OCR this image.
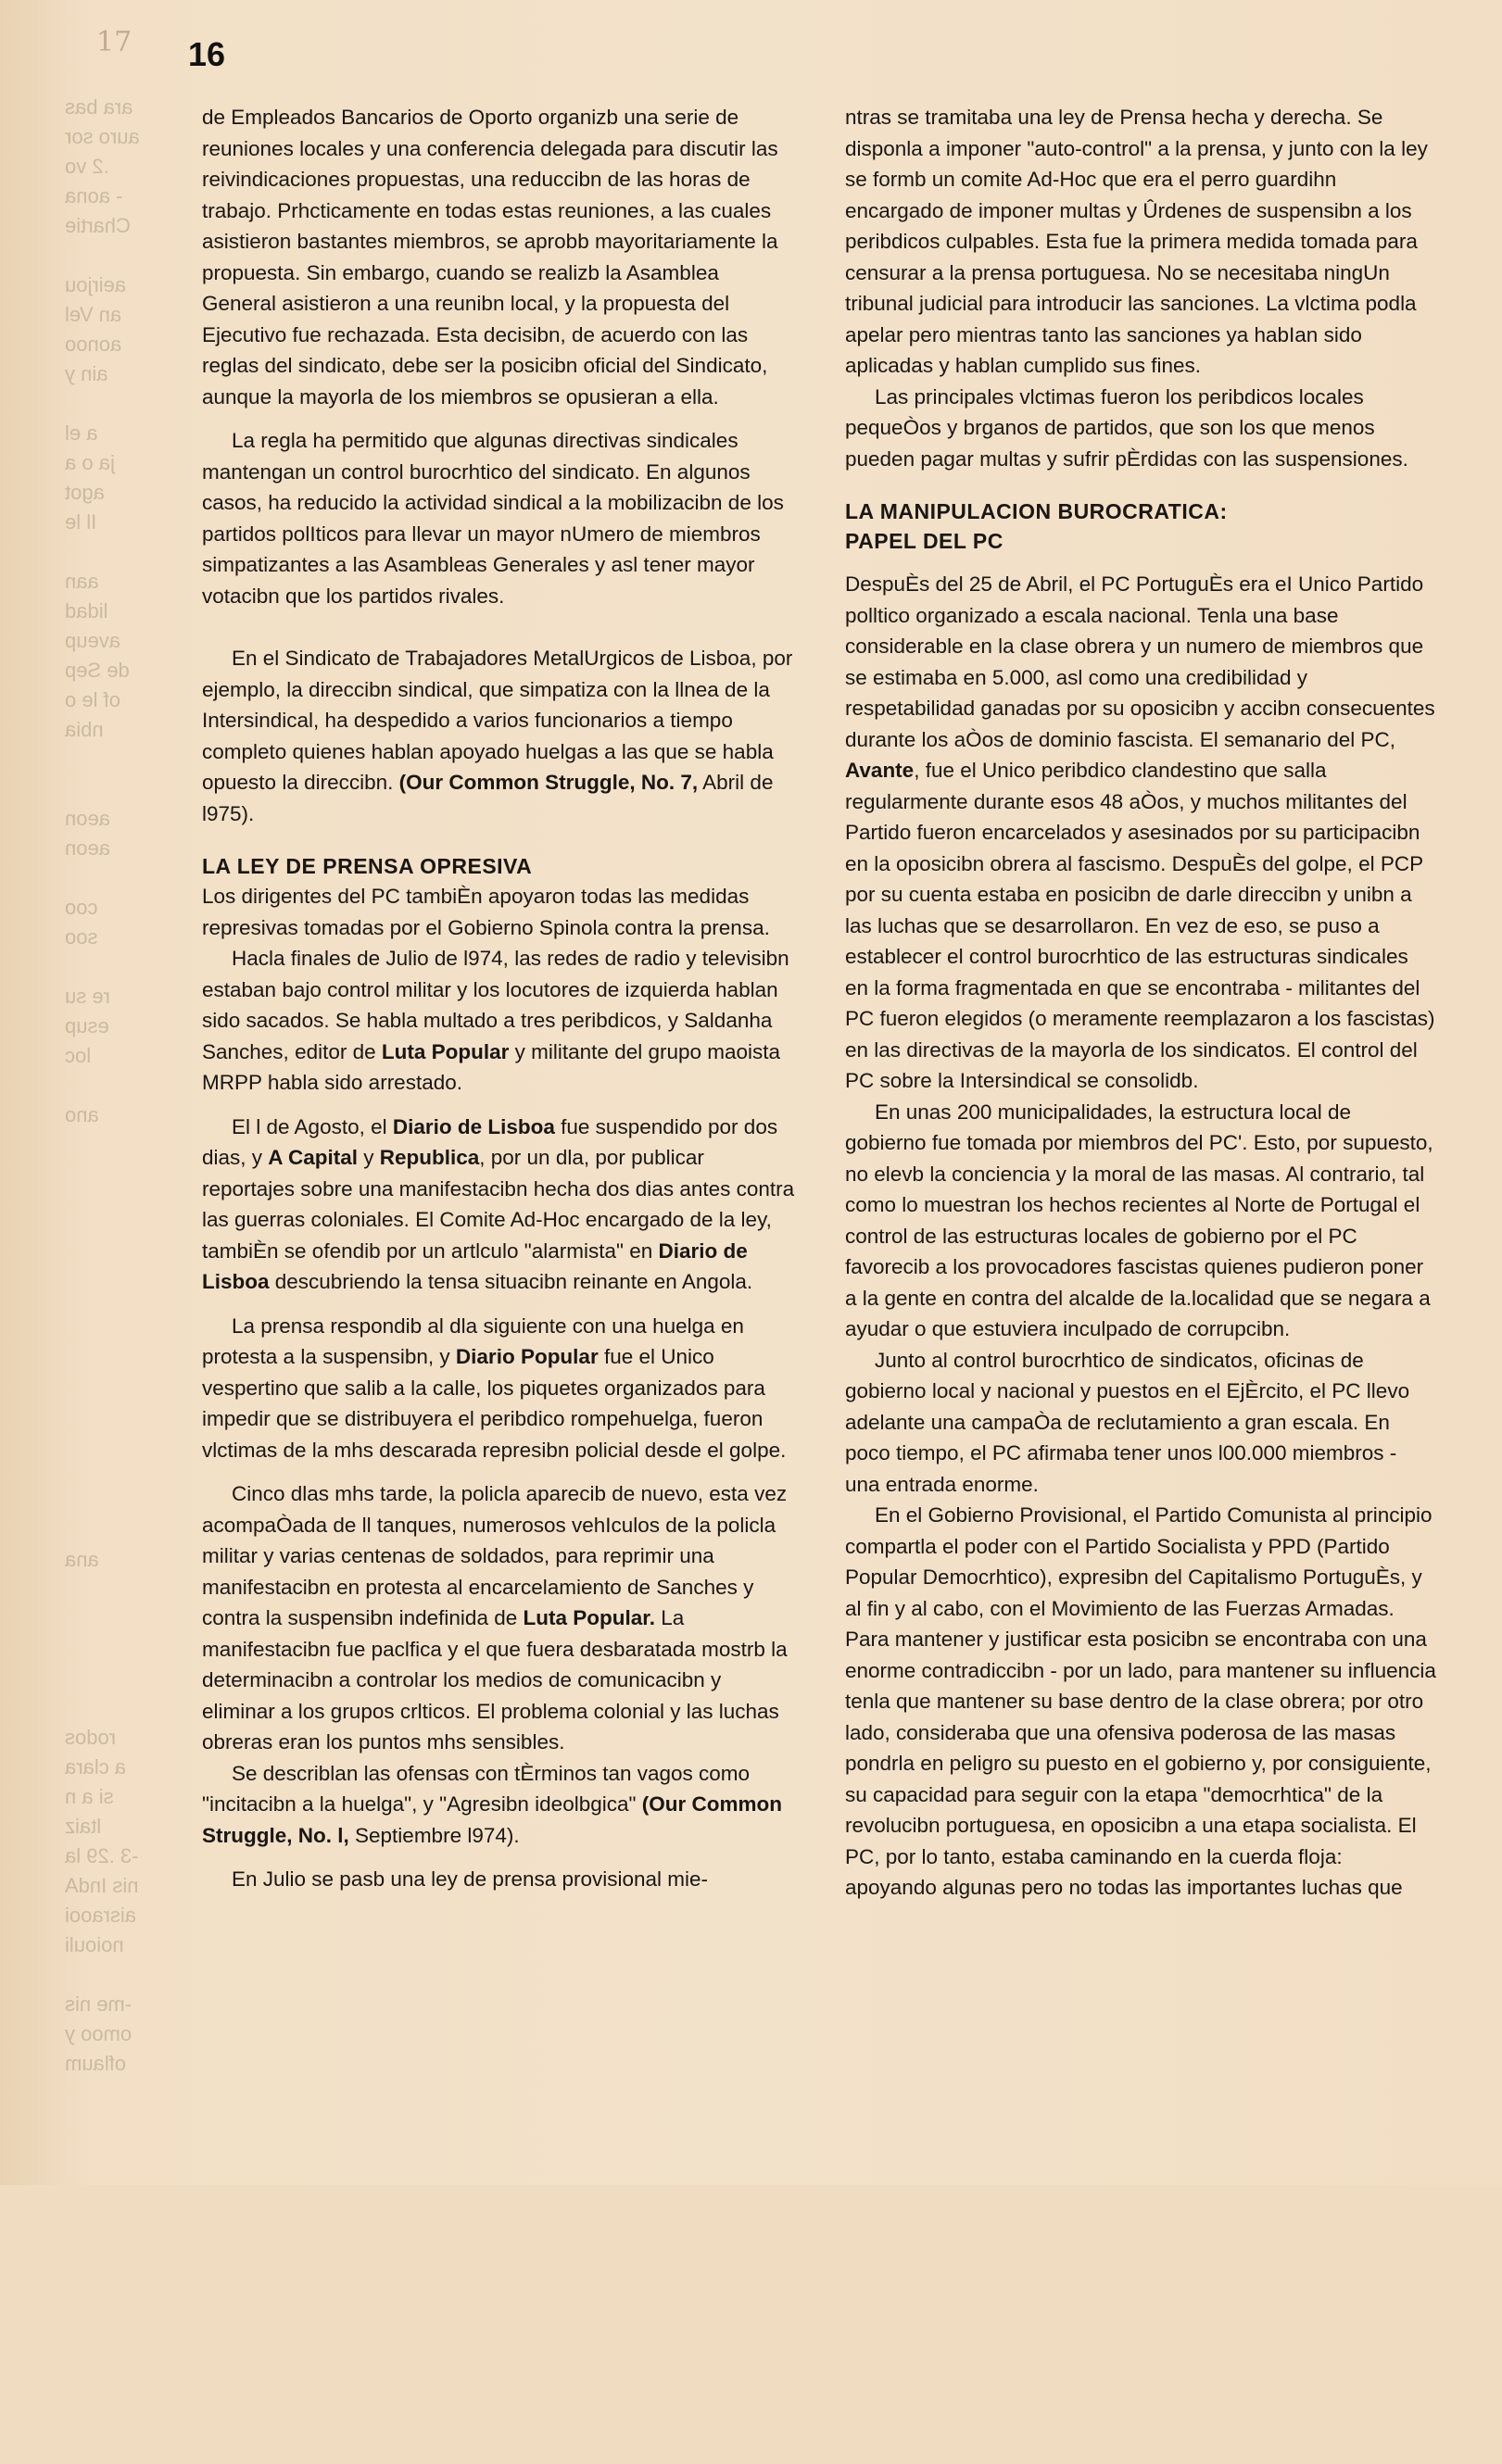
17 16
ara bas
auro sor
.2 vo
- aona
Chartie

aeirjou
an Vel
aonoo
ain y

a el
ja o a
agot
Il le

aan
lidad
aveup
de Sep
of le o
nbia

aeon
aeon

coo
soo

re su
esup
loc

ano

ana

rodos
a clara
si a n
ltaiz
-3 .29 la
nis IndA
aisraooi
noiouli

-me nis
omoo y
oflaum

de Empleados Bancarios de Oporto organizb una serie de reuniones locales y una conferencia delegada para discutir las reivindicaciones propuestas, una reduccibn de las horas de trabajo. Prhcticamente en todas estas reuniones, a las cuales asistieron bastantes miembros, se aprobb mayoritariamente la propuesta. Sin embargo, cuando se realizb la Asamblea General asistieron a una reunibn local, y la propuesta del Ejecutivo fue rechazada. Esta decisibn, de acuerdo con las reglas del sindicato, debe ser la posicibn oficial del Sindicato, aunque la mayorla de los miembros se opusieran a ella.

La regla ha permitido que algunas directivas sindicales mantengan un control burocrhtico del sindicato. En algunos casos, ha reducido la actividad sindical a la mobilizacibn de los partidos polIticos para llevar un mayor nUmero de miembros simpatizantes a las Asambleas Generales y asl tener mayor votacibn que los partidos rivales.

En el Sindicato de Trabajadores MetalUrgicos de Lisboa, por ejemplo, la direccibn sindical, que simpatiza con la llnea de la Intersindical, ha despedido a varios funcionarios a tiempo completo quienes hablan apoyado huelgas a las que se habla opuesto la direccibn. (Our Common Struggle, No. 7, Abril de l975).

LA LEY DE PRENSA OPRESIVA

Los dirigentes del PC tambiÈn apoyaron todas las medidas represivas tomadas por el Gobierno Spinola contra la prensa.

Hacla finales de Julio de l974, las redes de radio y televisibn estaban bajo control militar y los locutores de izquierda hablan sido sacados. Se habla multado a tres peribdicos, y Saldanha Sanches, editor de Luta Popular y militante del grupo maoista MRPP habla sido arrestado.

El l de Agosto, el Diario de Lisboa fue suspendido por dos dias, y A Capital y Republica, por un dla, por publicar reportajes sobre una manifestacibn hecha dos dias antes contra las guerras coloniales. El Comite Ad-Hoc encargado de la ley, tambiÈn se ofendib por un artlculo "alarmista" en Diario de Lisboa descubriendo la tensa situacibn reinante en Angola.

La prensa respondib al dla siguiente con una huelga en protesta a la suspensibn, y Diario Popular fue el Unico vespertino que salib a la calle, los piquetes organizados para impedir que se distribuyera el peribdico rompehuelga, fueron vlctimas de la mhs descarada represibn policial desde el golpe.

Cinco dlas mhs tarde, la policla aparecib de nuevo, esta vez acompaÒada de ll tanques, numerosos vehIculos de la policla militar y varias centenas de soldados, para reprimir una manifestacibn en protesta al encarcelamiento de Sanches y contra la suspensibn indefinida de Luta Popular. La manifestacibn fue paclfica y el que fuera desbaratada mostrb la determinacibn a controlar los medios de comunicacibn y eliminar a los grupos crlticos. El problema colonial y las luchas obreras eran los puntos mhs sensibles.

Se describlan las ofensas con tÈrminos tan vagos como "incitacibn a la huelga", y "Agresibn ideolbgica" (Our Common Struggle, No. l, Septiembre l974).

En Julio se pasb una ley de prensa provisional mie-

ntras se tramitaba una ley de Prensa hecha y derecha. Se disponla a imponer "auto-control" a la prensa, y junto con la ley se formb un comite Ad-Hoc que era el perro guardihn encargado de imponer multas y Ûrdenes de suspensibn a los peribdicos culpables. Esta fue la primera medida tomada para censurar a la prensa portuguesa. No se necesitaba ningUn tribunal judicial para introducir las sanciones. La vlctima podla apelar pero mientras tanto las sanciones ya habIan sido aplicadas y hablan cumplido sus fines.

Las principales vlctimas fueron los peribdicos locales pequeÒos y brganos de partidos, que son los que menos pueden pagar multas y sufrir pÈrdidas con las suspensiones.

LA MANIPULACION BUROCRATICA:
PAPEL DEL PC

DespuÈs del 25 de Abril, el PC PortuguÈs era eI Unico Partido polltico organizado a escala nacional. Tenla una base considerable en la clase obrera y un numero de miembros que se estimaba en 5.000, asl como una credibilidad y respetabilidad ganadas por su oposicibn y accibn consecuentes durante los aÒos de dominio fascista. El semanario del PC, Avante, fue el Unico peribdico clandestino que salla regularmente durante esos 48 aÒos, y muchos militantes del Partido fueron encarcelados y asesinados por su participacibn en la oposicibn obrera al fascismo. DespuÈs del golpe, el PCP por su cuenta estaba en posicibn de darle direccibn y unibn a las luchas que se desarrollaron. En vez de eso, se puso a establecer el control burocrhtico de las estructuras sindicales en la forma fragmentada en que se encontraba - militantes del PC fueron elegidos (o meramente reemplazaron a los fascistas) en las directivas de la mayorla de los sindicatos. El control del PC sobre la Intersindical se consolidb.

En unas 200 municipalidades, la estructura local de gobierno fue tomada por miembros del PC'. Esto, por supuesto, no elevb la conciencia y la moral de las masas. Al contrario, tal como lo muestran los hechos recientes al Norte de Portugal el control de las estructuras locales de gobierno por el PC favorecib a los provocadores fascistas quienes pudieron poner a la gente en contra del alcalde de la.localidad que se negara a ayudar o que estuviera inculpado de corrupcibn.

Junto al control burocrhtico de sindicatos, oficinas de gobierno local y nacional y puestos en el EjÈrcito, el PC llevo adelante una campaÒa de reclutamiento a gran escala. En poco tiempo, el PC afirmaba tener unos l00.000 miembros - una entrada enorme.

En el Gobierno Provisional, el Partido Comunista al principio compartla el poder con el Partido Socialista y PPD (Partido Popular Democrhtico), expresibn del Capitalismo PortuguÈs, y al fin y al cabo, con el Movimiento de las Fuerzas Armadas. Para mantener y justificar esta posicibn se encontraba con una enorme contradiccibn - por un lado, para mantener su influencia tenla que mantener su base dentro de la clase obrera; por otro lado, consideraba que una ofensiva poderosa de las masas pondrla en peligro su puesto en el gobierno y, por consiguiente, su capacidad para seguir con la etapa "democrhtica" de la revolucibn portuguesa, en oposicibn a una etapa socialista. El PC, por lo tanto, estaba caminando en la cuerda floja: apoyando algunas pero no todas las importantes luchas que
